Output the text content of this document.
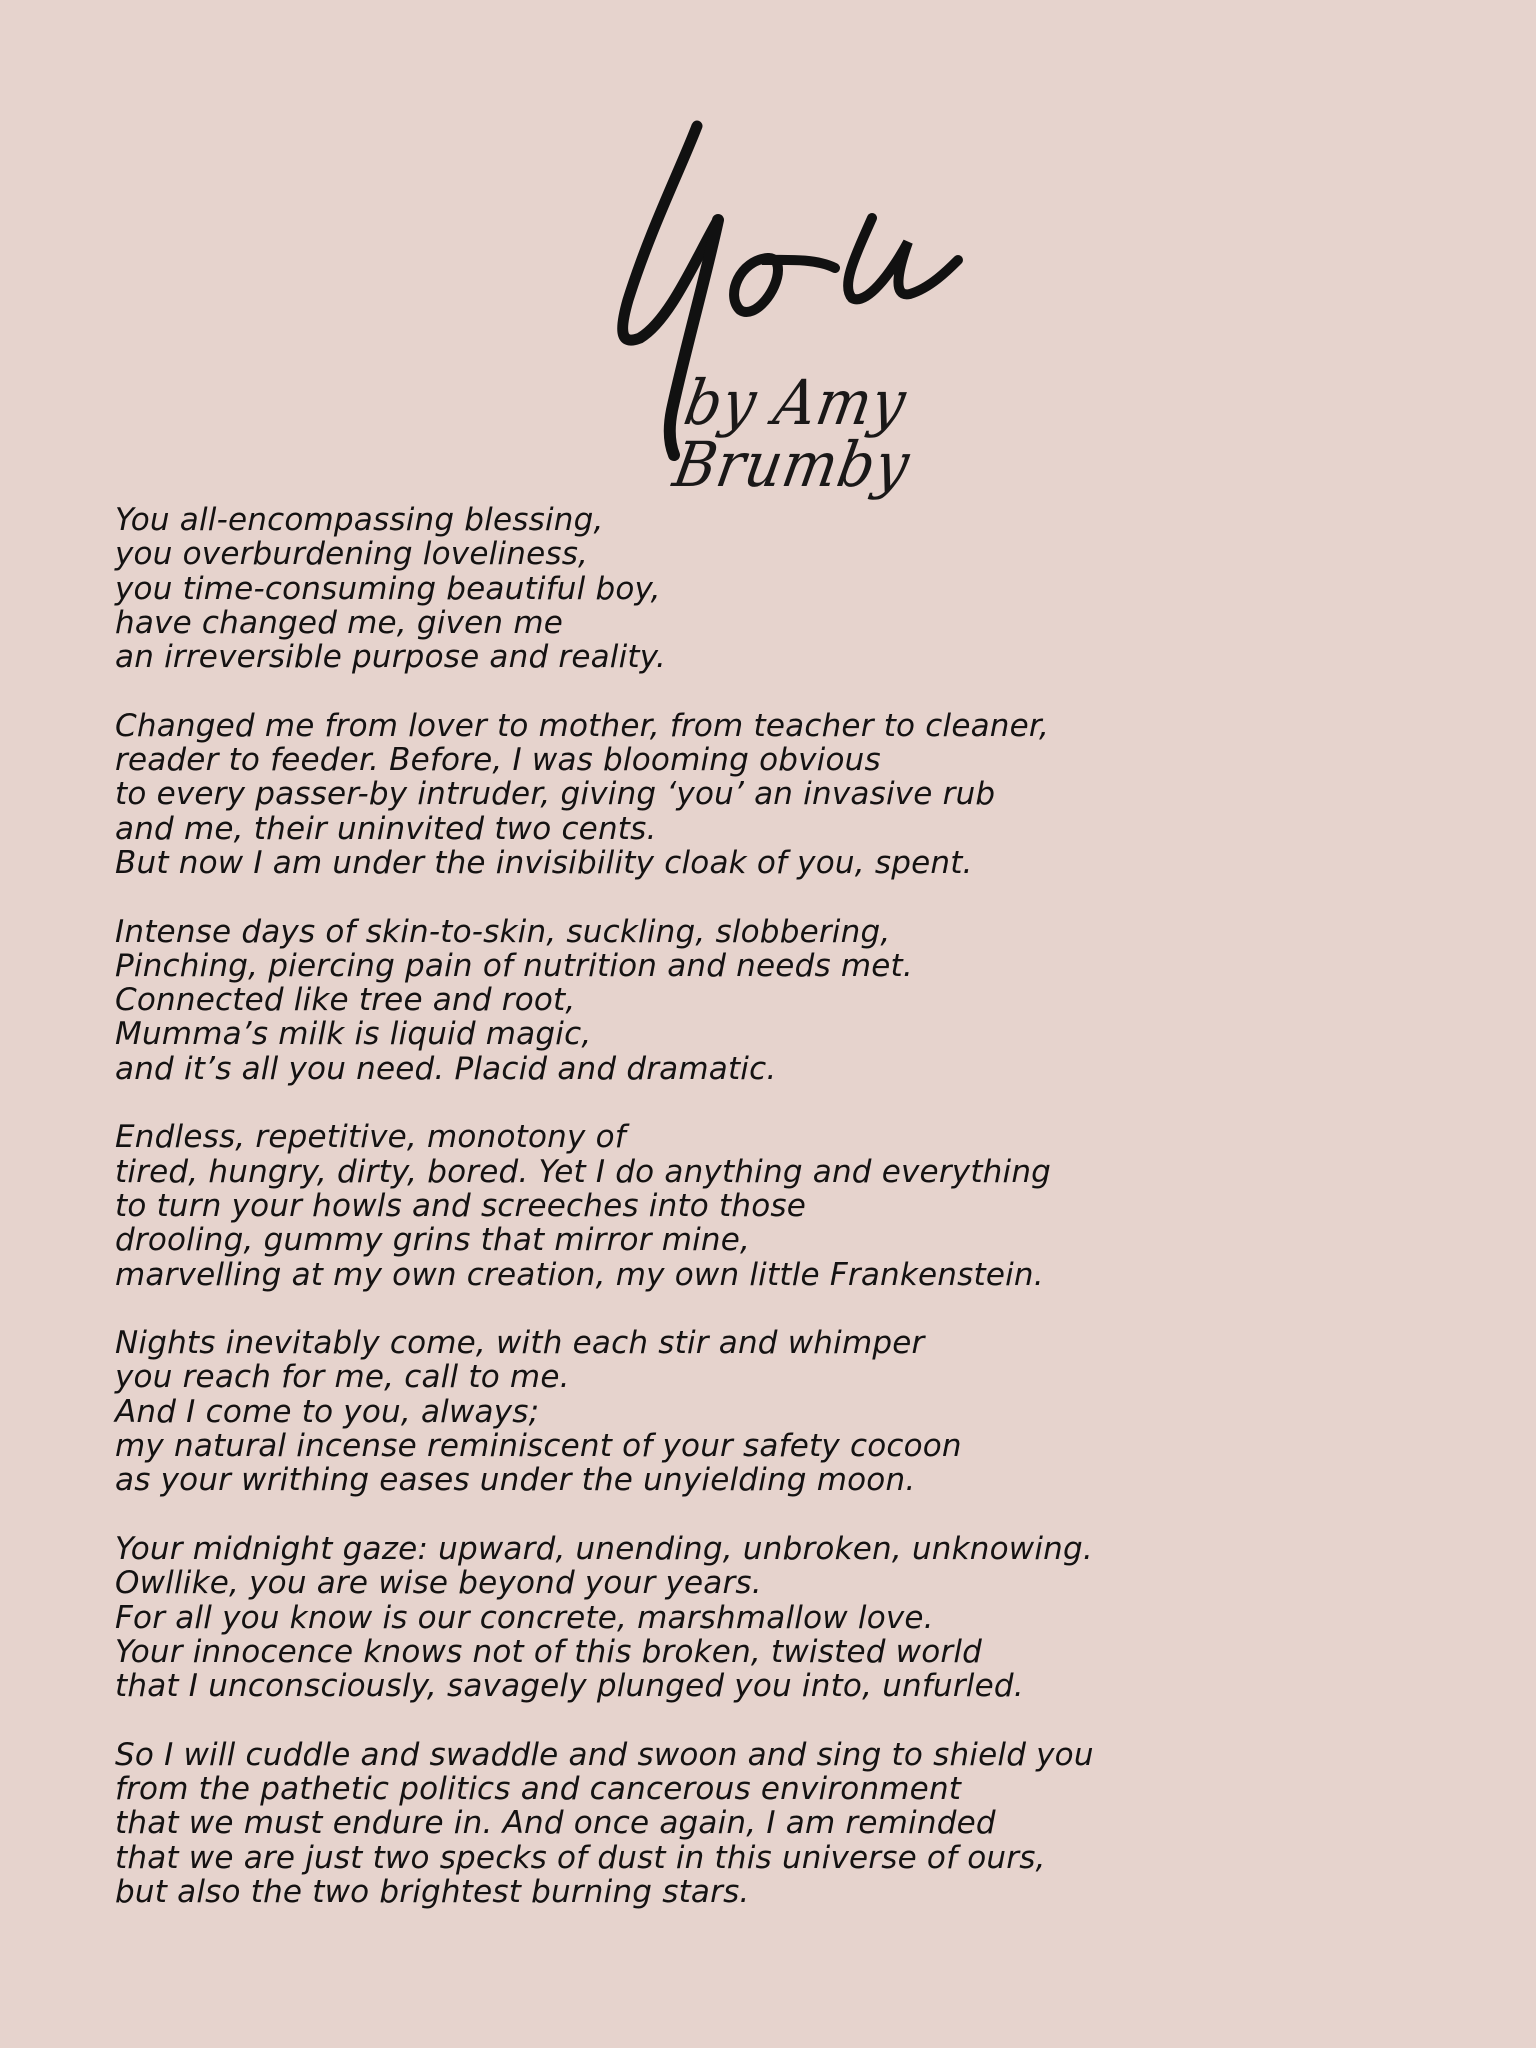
by Amy Brumby
You all-encompassing blessing,
you overburdening loveliness,
you time-consuming beautiful boy,
have changed me, given me
an irreversible purpose and reality.
Changed me from lover to mother, from teacher to cleaner,
reader to feeder. Before, I was blooming obvious
to every passer-by intruder, giving ‘you’ an invasive rub
and me, their uninvited two cents.
But now I am under the invisibility cloak of you, spent.
Intense days of skin-to-skin, suckling, slobbering,
Pinching, piercing pain of nutrition and needs met.
Connected like tree and root,
Mumma’s milk is liquid magic,
and it’s all you need. Placid and dramatic.
Endless, repetitive, monotony of
tired, hungry, dirty, bored. Yet I do anything and everything
to turn your howls and screeches into those
drooling, gummy grins that mirror mine,
marvelling at my own creation, my own little Frankenstein.
Nights inevitably come, with each stir and whimper
you reach for me, call to me.
And I come to you, always;
my natural incense reminiscent of your safety cocoon
as your writhing eases under the unyielding moon.
Your midnight gaze: upward, unending, unbroken, unknowing.
Owllike, you are wise beyond your years.
For all you know is our concrete, marshmallow love.
Your innocence knows not of this broken, twisted world
that I unconsciously, savagely plunged you into, unfurled.
So I will cuddle and swaddle and swoon and sing to shield you
from the pathetic politics and cancerous environment
that we must endure in. And once again, I am reminded
that we are just two specks of dust in this universe of ours,
but also the two brightest burning stars.
